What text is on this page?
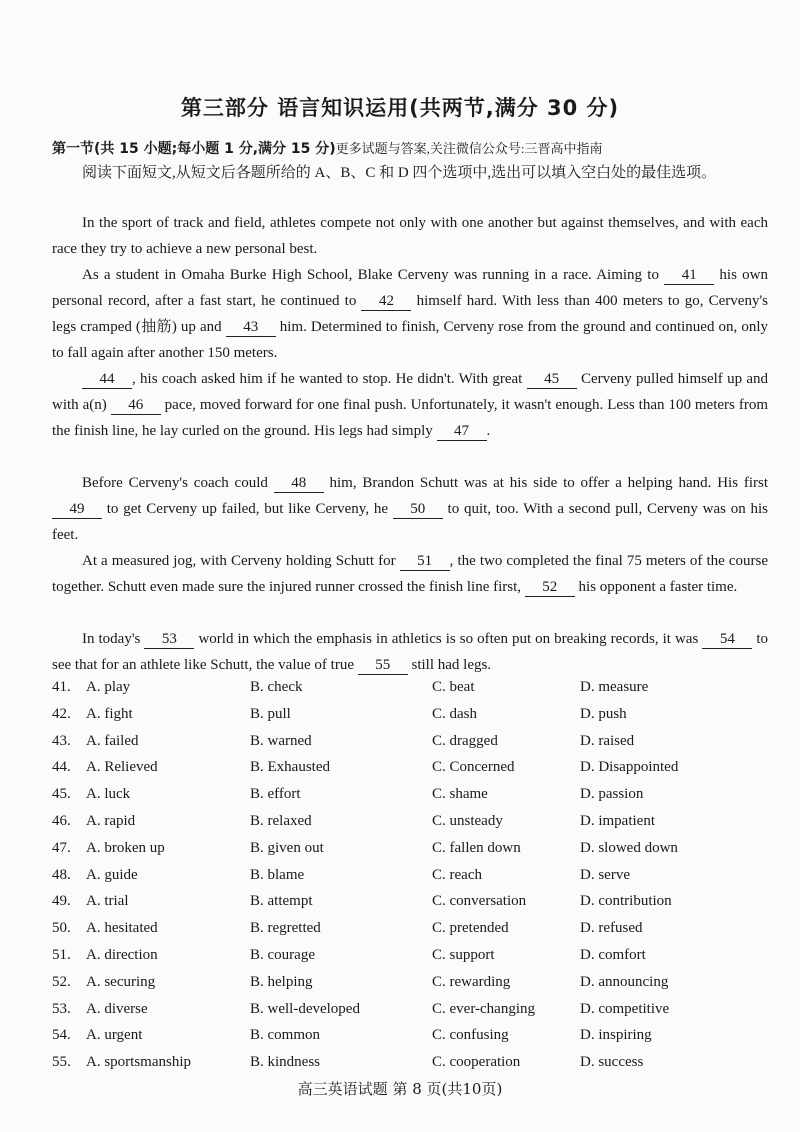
第三部分 语言知识运用(共两节,满分 30 分)
第一节(共 15 小题;每小题 1 分,满分 15 分)更多试题与答案,关注微信公众号:三晋高中指南
阅读下面短文,从短文后各题所给的 A、B、C 和 D 四个选项中,选出可以填入空白处的最佳选项。
In the sport of track and field, athletes compete not only with one another but against themselves, and with each race they try to achieve a new personal best.
As a student in Omaha Burke High School, Blake Cerveny was running in a race. Aiming to 41 his own personal record, after a fast start, he continued to 42 himself hard. With less than 400 meters to go, Cerveny's legs cramped (抽筋) up and 43 him. Determined to finish, Cerveny rose from the ground and continued on, only to fall again after another 150 meters.
44 , his coach asked him if he wanted to stop. He didn't. With great 45 Cerveny pulled himself up and with a(n) 46 pace, moved forward for one final push. Unfortunately, it wasn't enough. Less than 100 meters from the finish line, he lay curled on the ground. His legs had simply 47 .
Before Cerveny's coach could 48 him, Brandon Schutt was at his side to offer a helping hand. His first 49 to get Cerveny up failed, but like Cerveny, he 50 to quit, too. With a second pull, Cerveny was on his feet.
At a measured jog, with Cerveny holding Schutt for 51 , the two completed the final 75 meters of the course together. Schutt even made sure the injured runner crossed the finish line first, 52 his opponent a faster time.
In today's 53 world in which the emphasis in athletics is so often put on breaking records, it was 54 to see that for an athlete like Schutt, the value of true 55 still had legs.
41. A. play	B. check	C. beat	D. measure
42. A. fight	B. pull	C. dash	D. push
43. A. failed	B. warned	C. dragged	D. raised
44. A. Relieved	B. Exhausted	C. Concerned	D. Disappointed
45. A. luck	B. effort	C. shame	D. passion
46. A. rapid	B. relaxed	C. unsteady	D. impatient
47. A. broken up	B. given out	C. fallen down	D. slowed down
48. A. guide	B. blame	C. reach	D. serve
49. A. trial	B. attempt	C. conversation	D. contribution
50. A. hesitated	B. regretted	C. pretended	D. refused
51. A. direction	B. courage	C. support	D. comfort
52. A. securing	B. helping	C. rewarding	D. announcing
53. A. diverse	B. well-developed	C. ever-changing	D. competitive
54. A. urgent	B. common	C. confusing	D. inspiring
55. A. sportsmanship	B. kindness	C. cooperation	D. success
高三英语试题 第 8 页(共10页)
